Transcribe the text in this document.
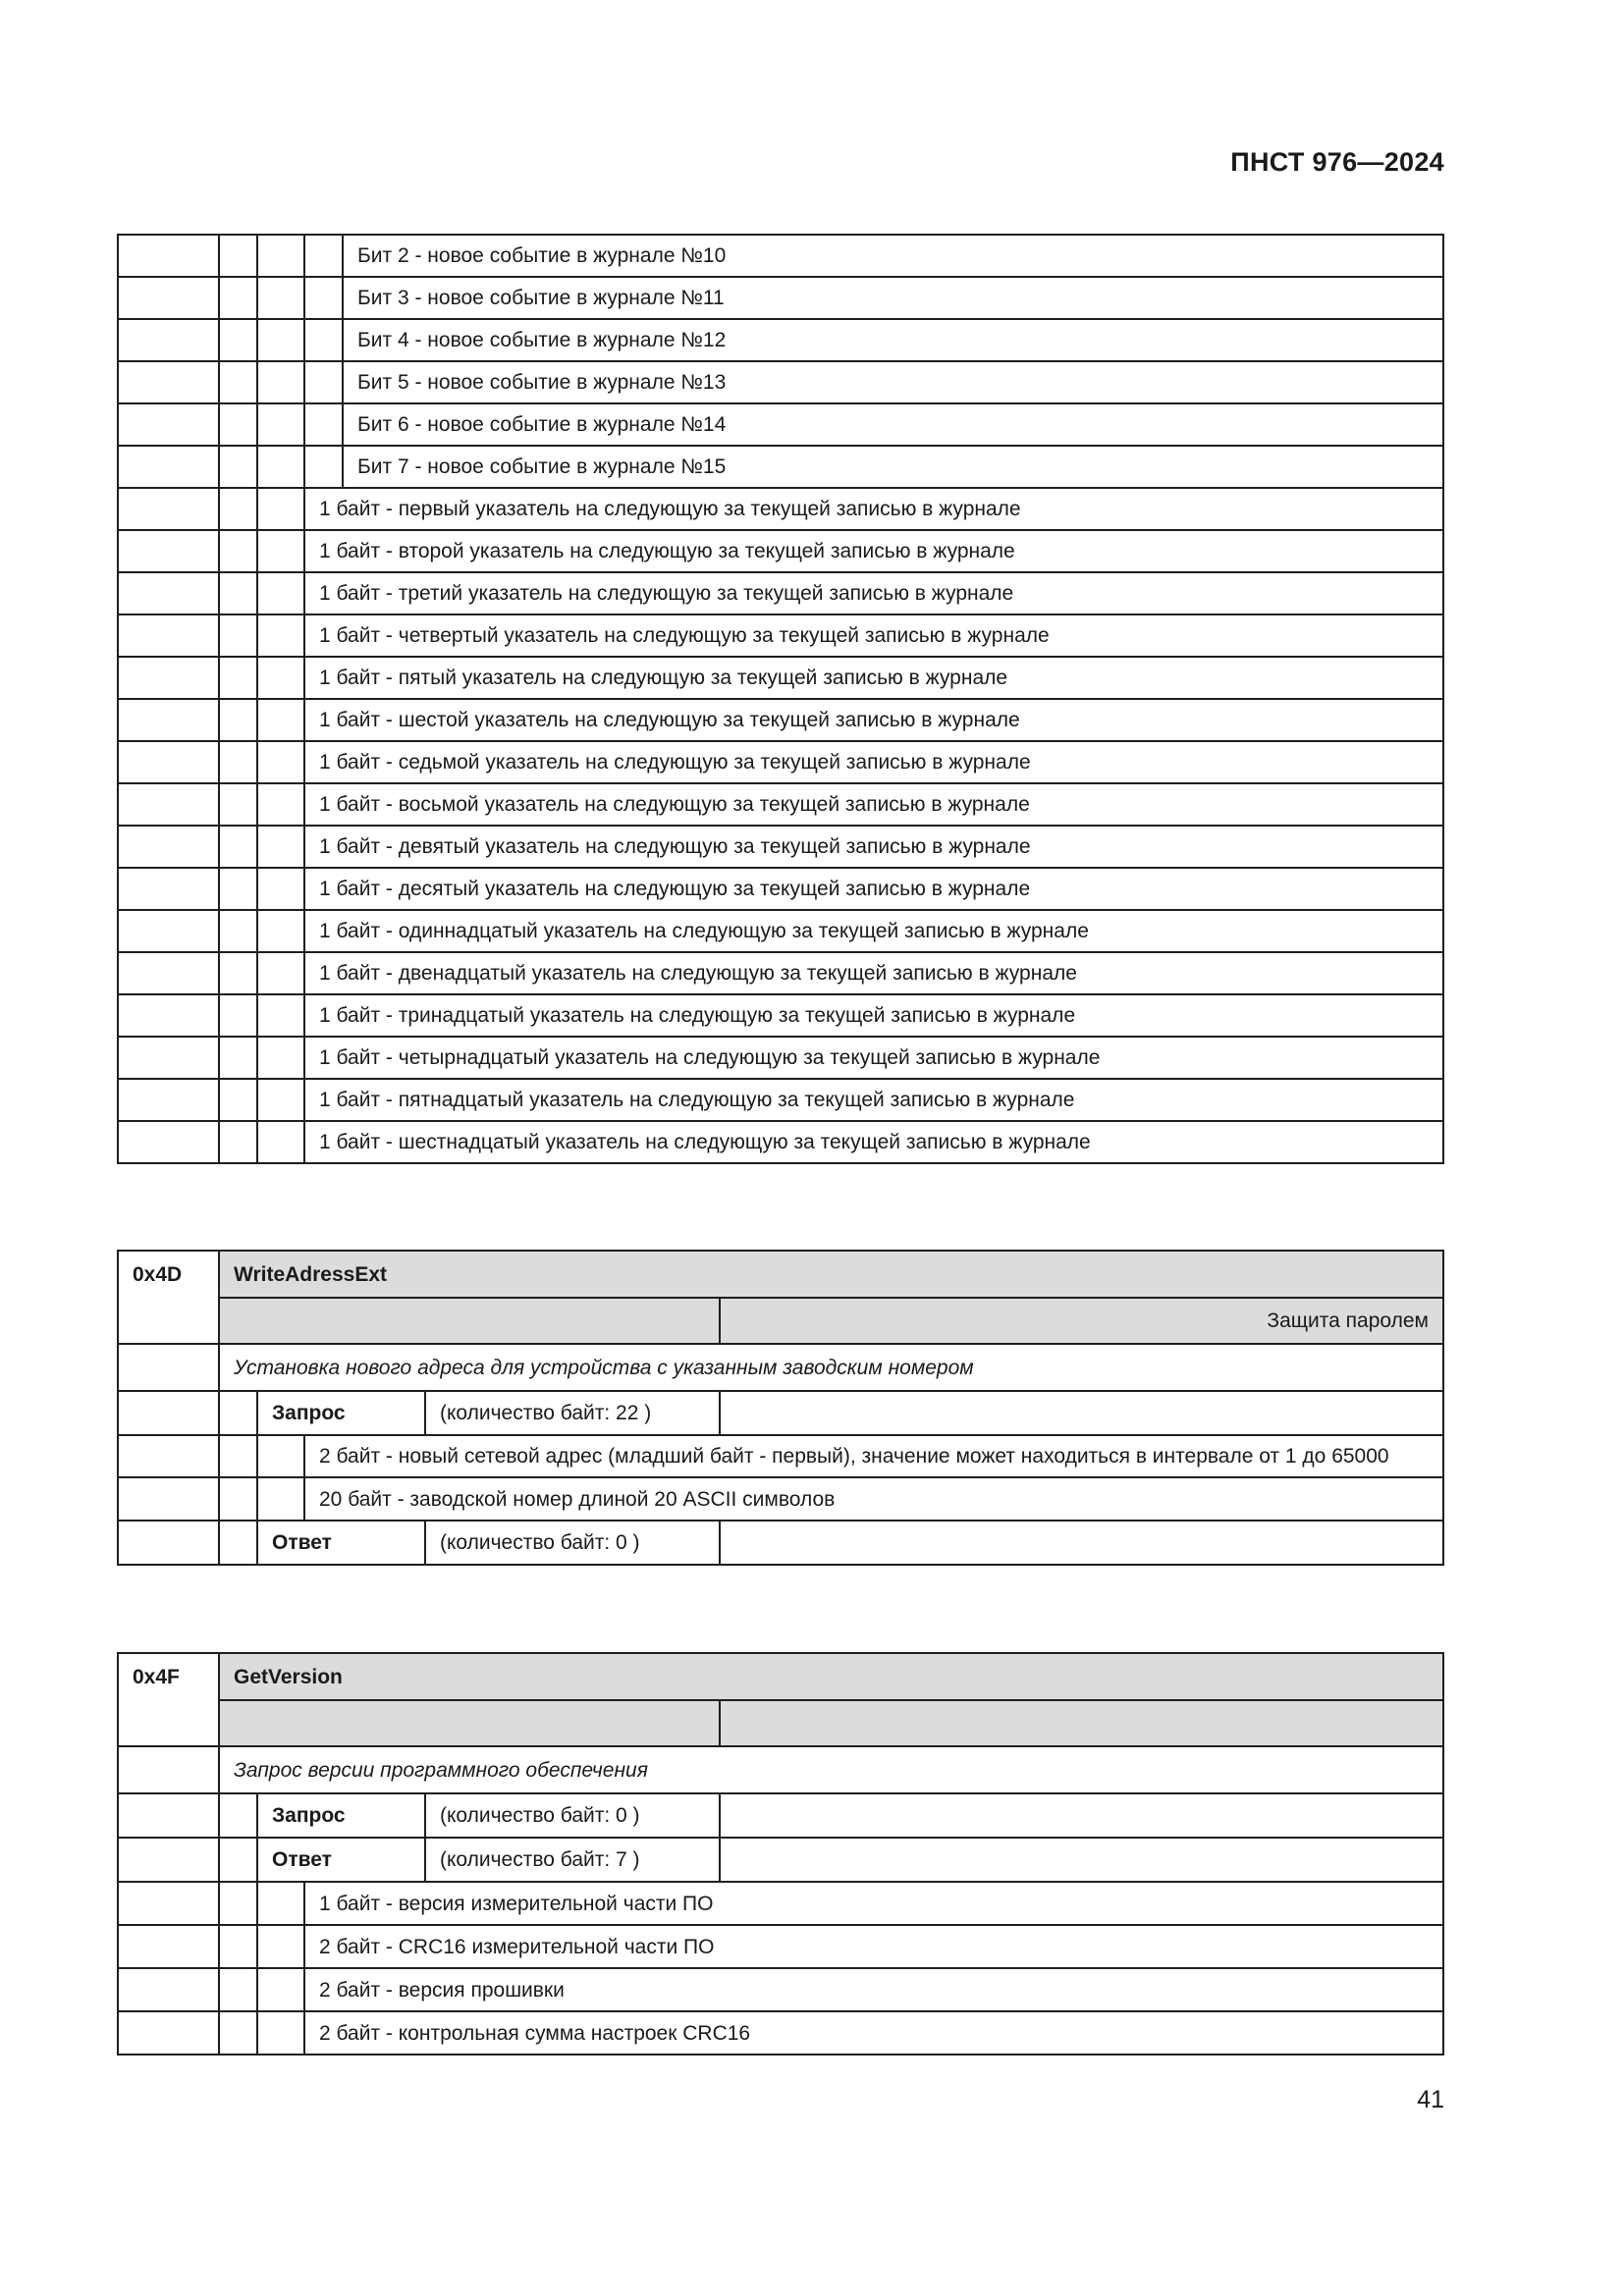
ПНСТ 976—2024
				Бит 2 - новое событие в журнале №10
				Бит 3 - новое событие в журнале №11
				Бит 4 - новое событие в журнале №12
				Бит 5 - новое событие в журнале №13
				Бит 6 - новое событие в журнале №14
				Бит 7 - новое событие в журнале №15
			1 байт - первый указатель на следующую за текущей записью в журнале	
			1 байт - второй указатель на следующую за текущей записью в журнале	
			1 байт - третий указатель на следующую за текущей записью в журнале	
			1 байт - четвертый указатель на следующую за текущей записью в журнале	
			1 байт - пятый указатель на следующую за текущей записью в журнале	
			1 байт - шестой указатель на следующую за текущей записью в журнале	
			1 байт - седьмой указатель на следующую за текущей записью в журнале	
			1 байт - восьмой указатель на следующую за текущей записью в журнале	
			1 байт - девятый указатель на следующую за текущей записью в журнале	
			1 байт - десятый указатель на следующую за текущей записью в журнале	
			1 байт - одиннадцатый указатель на следующую за текущей записью в журнале	
			1 байт - двенадцатый указатель на следующую за текущей записью в журнале	
			1 байт - тринадцатый указатель на следующую за текущей записью в журнале	
			1 байт - четырнадцатый указатель на следующую за текущей записью в журнале	
			1 байт - пятнадцатый указатель на следующую за текущей записью в журнале	
			1 байт - шестнадцатый указатель на следующую за текущей записью в журнале	
0x4D	WriteAdressExt				
					Защита паролем
	Установка нового адреса для устройства с указанным заводским номером				
		Запрос		(количество байт: 22 )	
			2 байт - новый сетевой адрес (младший байт - первый), значение может находиться в интервале от 1 до 65000		
			20 байт - заводской номер длиной 20 ASCII символов		
		Ответ		(количество байт: 0 )	
0x4F	GetVersion				

	Запрос версии программного обеспечения				
		Запрос		(количество байт: 0 )	
		Ответ		(количество байт: 7 )	
			1 байт - версия измерительной части ПО		
			2 байт - CRC16 измерительной части ПО		
			2 байт - версия прошивки		
			2 байт - контрольная сумма настроек CRC16		
41
